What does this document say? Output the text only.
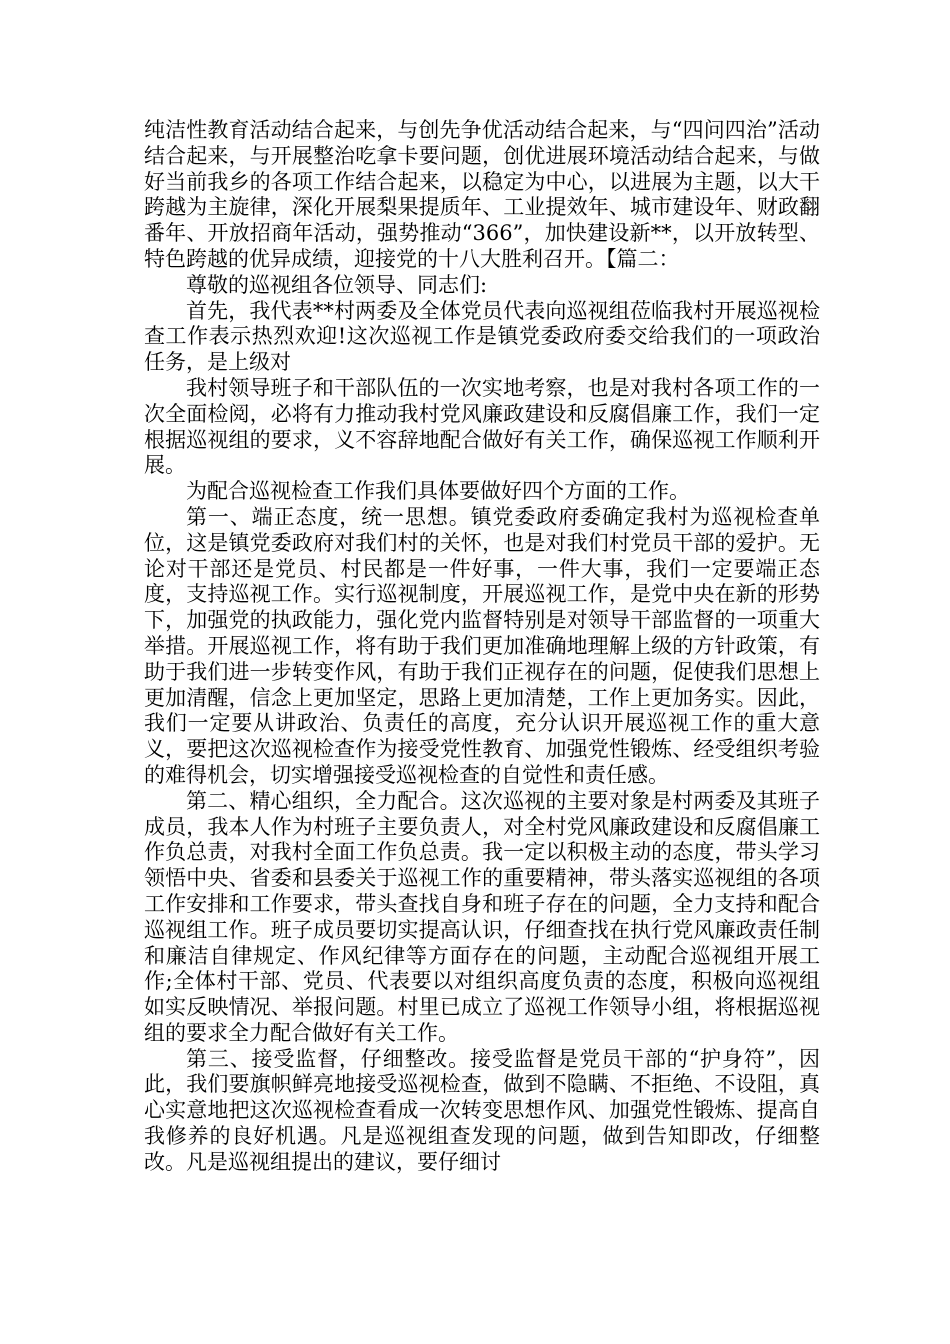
纯洁性教育活动结合起来，与创先争优活动结合起来，与“四问四治”活动结合起来，与开展整治吃拿卡要问题，创优进展环境活动结合起来，与做好当前我乡的各项工作结合起来，以稳定为中心，以进展为主题，以大干跨越为主旋律，深化开展梨果提质年、工业提效年、城市建设年、财政翻番年、开放招商年活动，强势推动“366”，加快建设新**，以开放转型、特色跨越的优异成绩，迎接党的十八大胜利召开。【篇二：

尊敬的巡视组各位领导、同志们:

首先，我代表**村两委及全体党员代表向巡视组莅临我村开展巡视检查工作表示热烈欢迎!这次巡视工作是镇党委政府委交给我们的一项政治任务，是上级对

我村领导班子和干部队伍的一次实地考察，也是对我村各项工作的一次全面检阅，必将有力推动我村党风廉政建设和反腐倡廉工作，我们一定根据巡视组的要求，义不容辞地配合做好有关工作，确保巡视工作顺利开展。

为配合巡视检查工作我们具体要做好四个方面的工作。

第一、端正态度，统一思想。镇党委政府委确定我村为巡视检查单位，这是镇党委政府对我们村的关怀，也是对我们村党员干部的爱护。无论对干部还是党员、村民都是一件好事，一件大事，我们一定要端正态度，支持巡视工作。实行巡视制度，开展巡视工作，是党中央在新的形势下，加强党的执政能力，强化党内监督特别是对领导干部监督的一项重大举措。开展巡视工作，将有助于我们更加准确地理解上级的方针政策，有助于我们进一步转变作风，有助于我们正视存在的问题，促使我们思想上更加清醒，信念上更加坚定，思路上更加清楚，工作上更加务实。因此，我们一定要从讲政治、负责任的高度，充分认识开展巡视工作的重大意义，要把这次巡视检查作为接受党性教育、加强党性锻炼、经受组织考验的难得机会，切实增强接受巡视检查的自觉性和责任感。

第二、精心组织，全力配合。这次巡视的主要对象是村两委及其班子成员，我本人作为村班子主要负责人，对全村党风廉政建设和反腐倡廉工作负总责，对我村全面工作负总责。我一定以积极主动的态度，带头学习领悟中央、省委和县委关于巡视工作的重要精神，带头落实巡视组的各项工作安排和工作要求，带头查找自身和班子存在的问题，全力支持和配合巡视组工作。班子成员要切实提高认识，仔细查找在执行党风廉政责任制和廉洁自律规定、作风纪律等方面存在的问题，主动配合巡视组开展工作;全体村干部、党员、代表要以对组织高度负责的态度，积极向巡视组如实反映情况、举报问题。村里已成立了巡视工作领导小组，将根据巡视组的要求全力配合做好有关工作。

第三、接受监督，仔细整改。接受监督是党员干部的“护身符”，因此，我们要旗帜鲜亮地接受巡视检查，做到不隐瞒、不拒绝、不设阻，真心实意地把这次巡视检查看成一次转变思想作风、加强党性锻炼、提高自我修养的良好机遇。凡是巡视组查发现的问题，做到告知即改，仔细整改。凡是巡视组提出的建议，要仔细讨
